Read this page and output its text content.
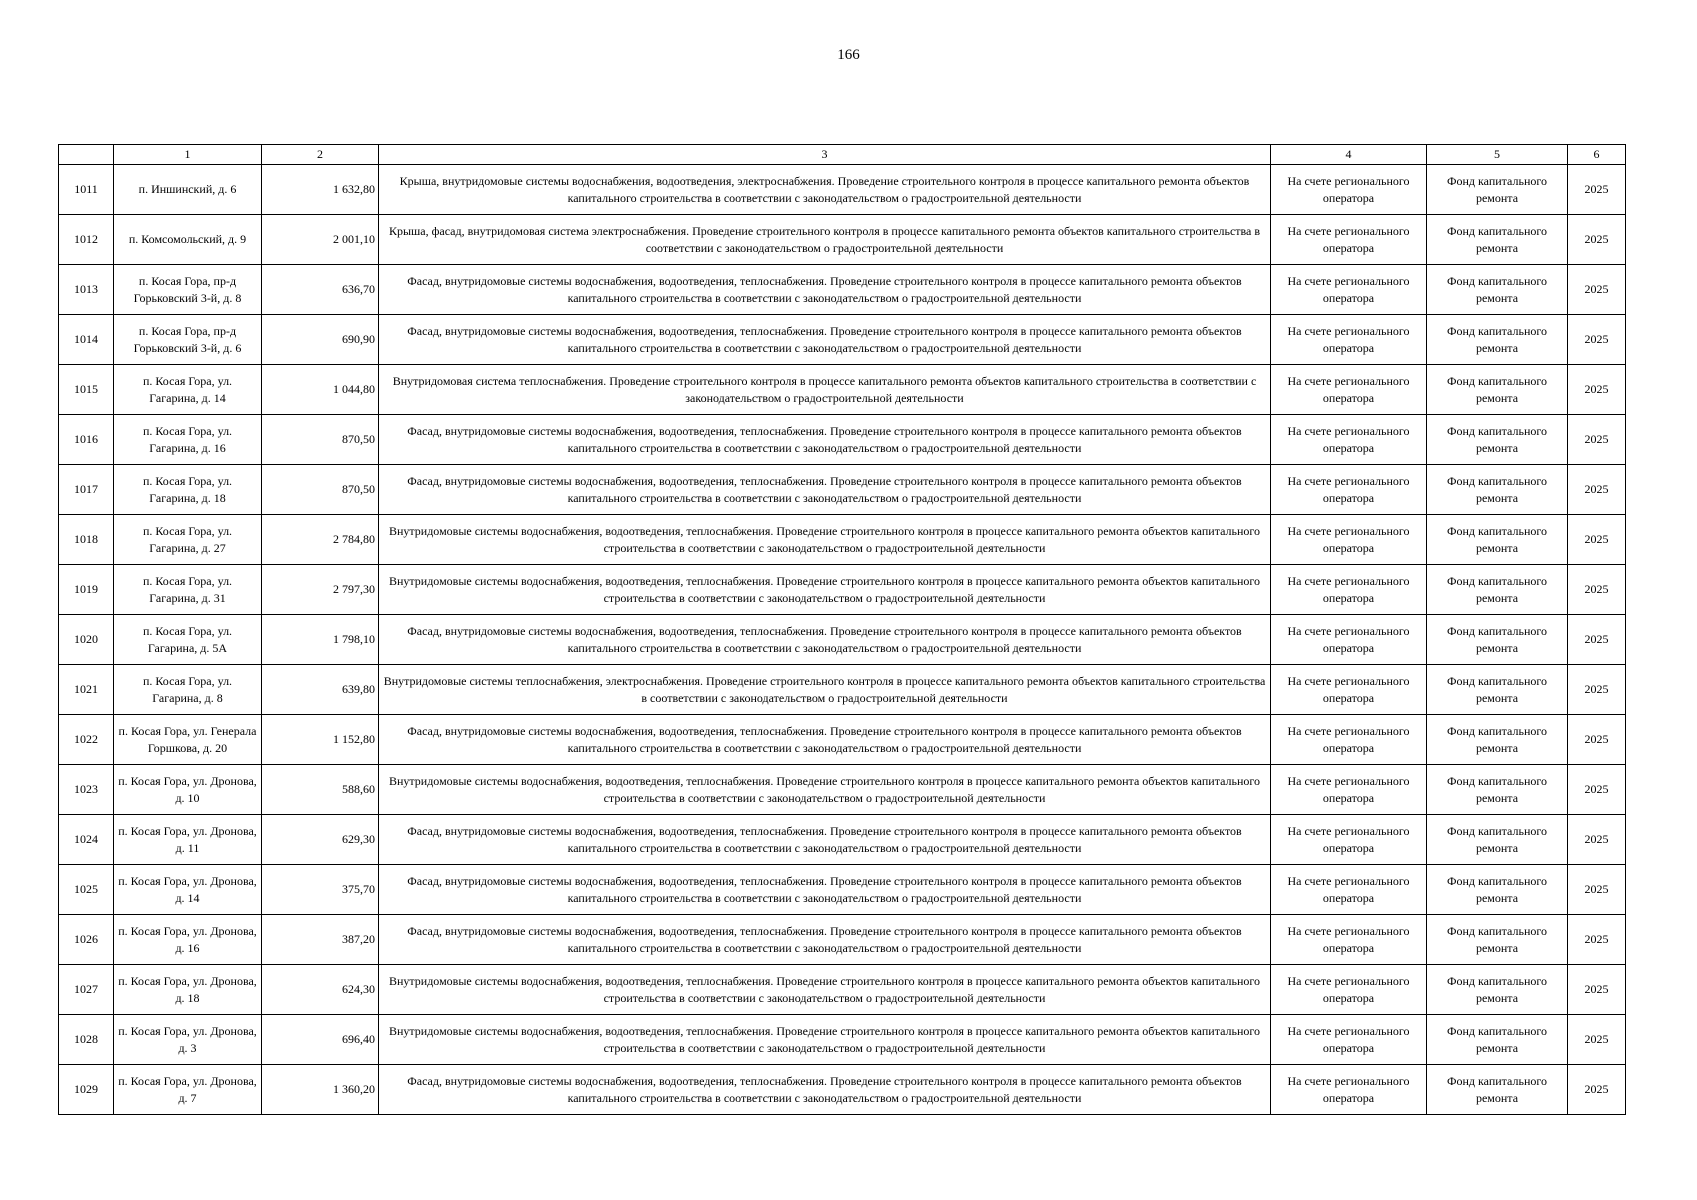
166
	1	2	3	4	5	6
1011	п. Иншинский, д. 6	1 632,80	Крыша, внутридомовые системы водоснабжения, водоотведения, электроснабжения. Проведение строительного контроля в процессе капитального ремонта объектов капитального строительства в соответствии с законодательством о градостроительной деятельности	На счете регионального оператора	Фонд капитального ремонта	2025
1012	п. Комсомольский, д. 9	2 001,10	Крыша, фасад, внутридомовая система электроснабжения. Проведение строительного контроля в процессе капитального ремонта объектов капитального строительства в соответствии с законодательством о градостроительной деятельности	На счете регионального оператора	Фонд капитального ремонта	2025
1013	п. Косая Гора, пр-д Горьковский 3-й, д. 8	636,70	Фасад, внутридомовые системы водоснабжения, водоотведения, теплоснабжения. Проведение строительного контроля в процессе капитального ремонта объектов капитального строительства в соответствии с законодательством о градостроительной деятельности	На счете регионального оператора	Фонд капитального ремонта	2025
1014	п. Косая Гора, пр-д Горьковский 3-й, д. 6	690,90	Фасад, внутридомовые системы водоснабжения, водоотведения, теплоснабжения. Проведение строительного контроля в процессе капитального ремонта объектов капитального строительства в соответствии с законодательством о градостроительной деятельности	На счете регионального оператора	Фонд капитального ремонта	2025
1015	п. Косая Гора, ул. Гагарина, д. 14	1 044,80	Внутридомовая система теплоснабжения. Проведение строительного контроля в процессе капитального ремонта объектов капитального строительства в соответствии с законодательством о градостроительной деятельности	На счете регионального оператора	Фонд капитального ремонта	2025
1016	п. Косая Гора, ул. Гагарина, д. 16	870,50	Фасад, внутридомовые системы водоснабжения, водоотведения, теплоснабжения. Проведение строительного контроля в процессе капитального ремонта объектов капитального строительства в соответствии с законодательством о градостроительной деятельности	На счете регионального оператора	Фонд капитального ремонта	2025
1017	п. Косая Гора, ул. Гагарина, д. 18	870,50	Фасад, внутридомовые системы водоснабжения, водоотведения, теплоснабжения. Проведение строительного контроля в процессе капитального ремонта объектов капитального строительства в соответствии с законодательством о градостроительной деятельности	На счете регионального оператора	Фонд капитального ремонта	2025
1018	п. Косая Гора, ул. Гагарина, д. 27	2 784,80	Внутридомовые системы водоснабжения, водоотведения, теплоснабжения. Проведение строительного контроля в процессе капитального ремонта объектов капитального строительства в соответствии с законодательством о градостроительной деятельности	На счете регионального оператора	Фонд капитального ремонта	2025
1019	п. Косая Гора, ул. Гагарина, д. 31	2 797,30	Внутридомовые системы водоснабжения, водоотведения, теплоснабжения. Проведение строительного контроля в процессе капитального ремонта объектов капитального строительства в соответствии с законодательством о градостроительной деятельности	На счете регионального оператора	Фонд капитального ремонта	2025
1020	п. Косая Гора, ул. Гагарина, д. 5А	1 798,10	Фасад, внутридомовые системы водоснабжения, водоотведения, теплоснабжения. Проведение строительного контроля в процессе капитального ремонта объектов капитального строительства в соответствии с законодательством о градостроительной деятельности	На счете регионального оператора	Фонд капитального ремонта	2025
1021	п. Косая Гора, ул. Гагарина, д. 8	639,80	Внутридомовые системы теплоснабжения, электроснабжения. Проведение строительного контроля в процессе капитального ремонта объектов капитального строительства в соответствии с законодательством о градостроительной деятельности	На счете регионального оператора	Фонд капитального ремонта	2025
1022	п. Косая Гора, ул. Генерала Горшкова, д. 20	1 152,80	Фасад, внутридомовые системы водоснабжения, водоотведения, теплоснабжения. Проведение строительного контроля в процессе капитального ремонта объектов капитального строительства в соответствии с законодательством о градостроительной деятельности	На счете регионального оператора	Фонд капитального ремонта	2025
1023	п. Косая Гора, ул. Дронова, д. 10	588,60	Внутридомовые системы водоснабжения, водоотведения, теплоснабжения. Проведение строительного контроля в процессе капитального ремонта объектов капитального строительства в соответствии с законодательством о градостроительной деятельности	На счете регионального оператора	Фонд капитального ремонта	2025
1024	п. Косая Гора, ул. Дронова, д. 11	629,30	Фасад, внутридомовые системы водоснабжения, водоотведения, теплоснабжения. Проведение строительного контроля в процессе капитального ремонта объектов капитального строительства в соответствии с законодательством о градостроительной деятельности	На счете регионального оператора	Фонд капитального ремонта	2025
1025	п. Косая Гора, ул. Дронова, д. 14	375,70	Фасад, внутридомовые системы водоснабжения, водоотведения, теплоснабжения. Проведение строительного контроля в процессе капитального ремонта объектов капитального строительства в соответствии с законодательством о градостроительной деятельности	На счете регионального оператора	Фонд капитального ремонта	2025
1026	п. Косая Гора, ул. Дронова, д. 16	387,20	Фасад, внутридомовые системы водоснабжения, водоотведения, теплоснабжения. Проведение строительного контроля в процессе капитального ремонта объектов капитального строительства в соответствии с законодательством о градостроительной деятельности	На счете регионального оператора	Фонд капитального ремонта	2025
1027	п. Косая Гора, ул. Дронова, д. 18	624,30	Внутридомовые системы водоснабжения, водоотведения, теплоснабжения. Проведение строительного контроля в процессе капитального ремонта объектов капитального строительства в соответствии с законодательством о градостроительной деятельности	На счете регионального оператора	Фонд капитального ремонта	2025
1028	п. Косая Гора, ул. Дронова, д. 3	696,40	Внутридомовые системы водоснабжения, водоотведения, теплоснабжения. Проведение строительного контроля в процессе капитального ремонта объектов капитального строительства в соответствии с законодательством о градостроительной деятельности	На счете регионального оператора	Фонд капитального ремонта	2025
1029	п. Косая Гора, ул. Дронова, д. 7	1 360,20	Фасад, внутридомовые системы водоснабжения, водоотведения, теплоснабжения. Проведение строительного контроля в процессе капитального ремонта объектов капитального строительства в соответствии с законодательством о градостроительной деятельности	На счете регионального оператора	Фонд капитального ремонта	2025
